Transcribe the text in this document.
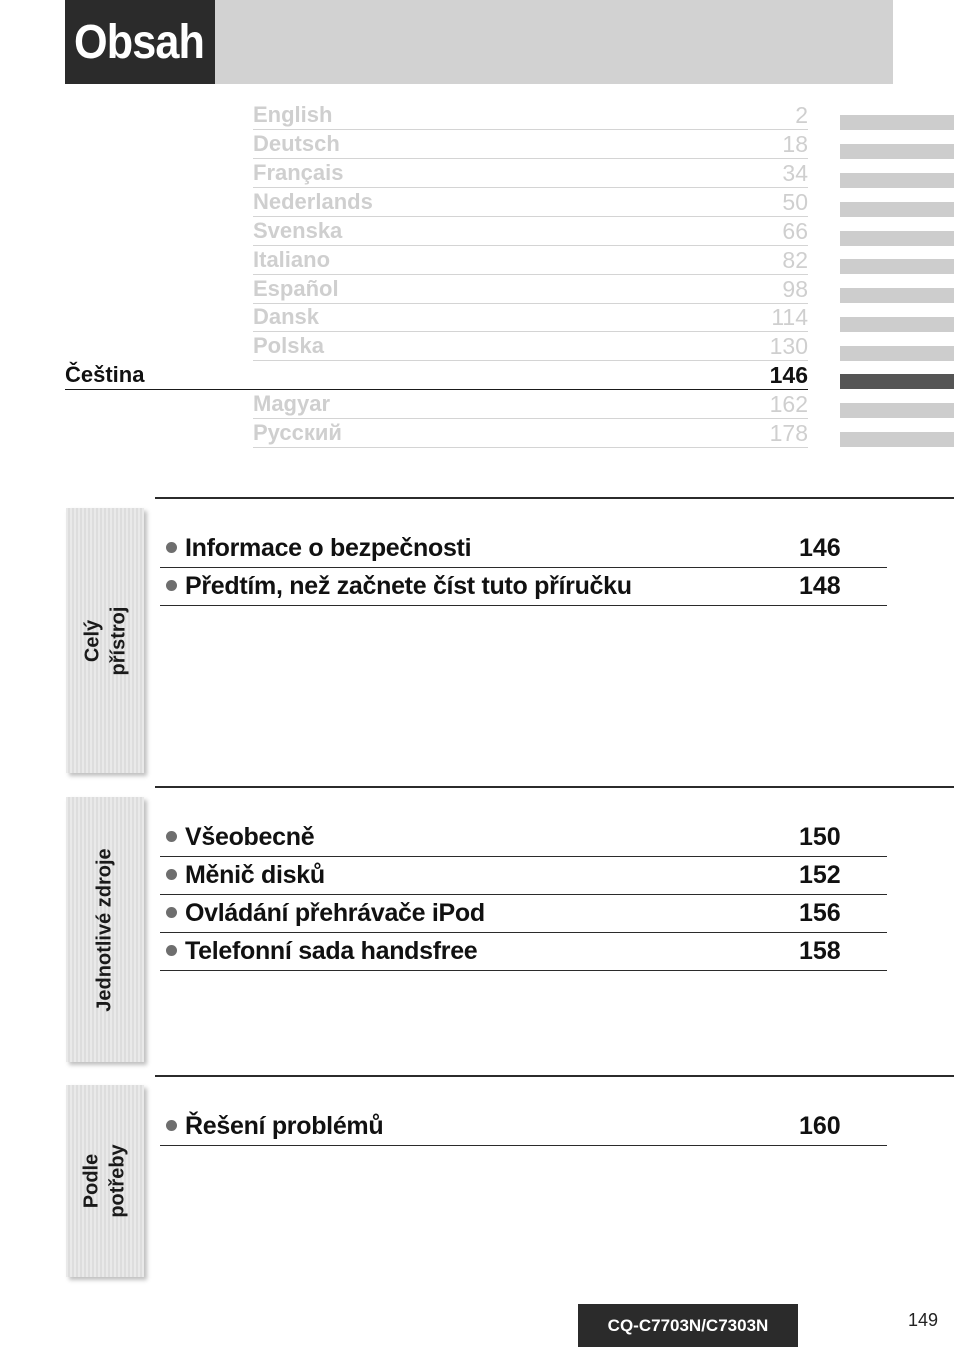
Obsah
English	2
Deutsch	18
Français	34
Nederlands	50
Svenska	66
Italiano	82
Español	98
Dansk	114
Polska	130
Čeština	146
Magyar	162
Русский	178
Celý
přístroj
Informace o bezpečnosti	146
Předtím, než začnete číst tuto příručku	148
Jednotlivé zdroje
Všeobecně	150
Měnič disků	152
Ovládání přehrávače iPod	156
Telefonní sada handsfree	158
Podle
potřeby
Řešení problémů	160
CQ-C7703N/C7303N	149
